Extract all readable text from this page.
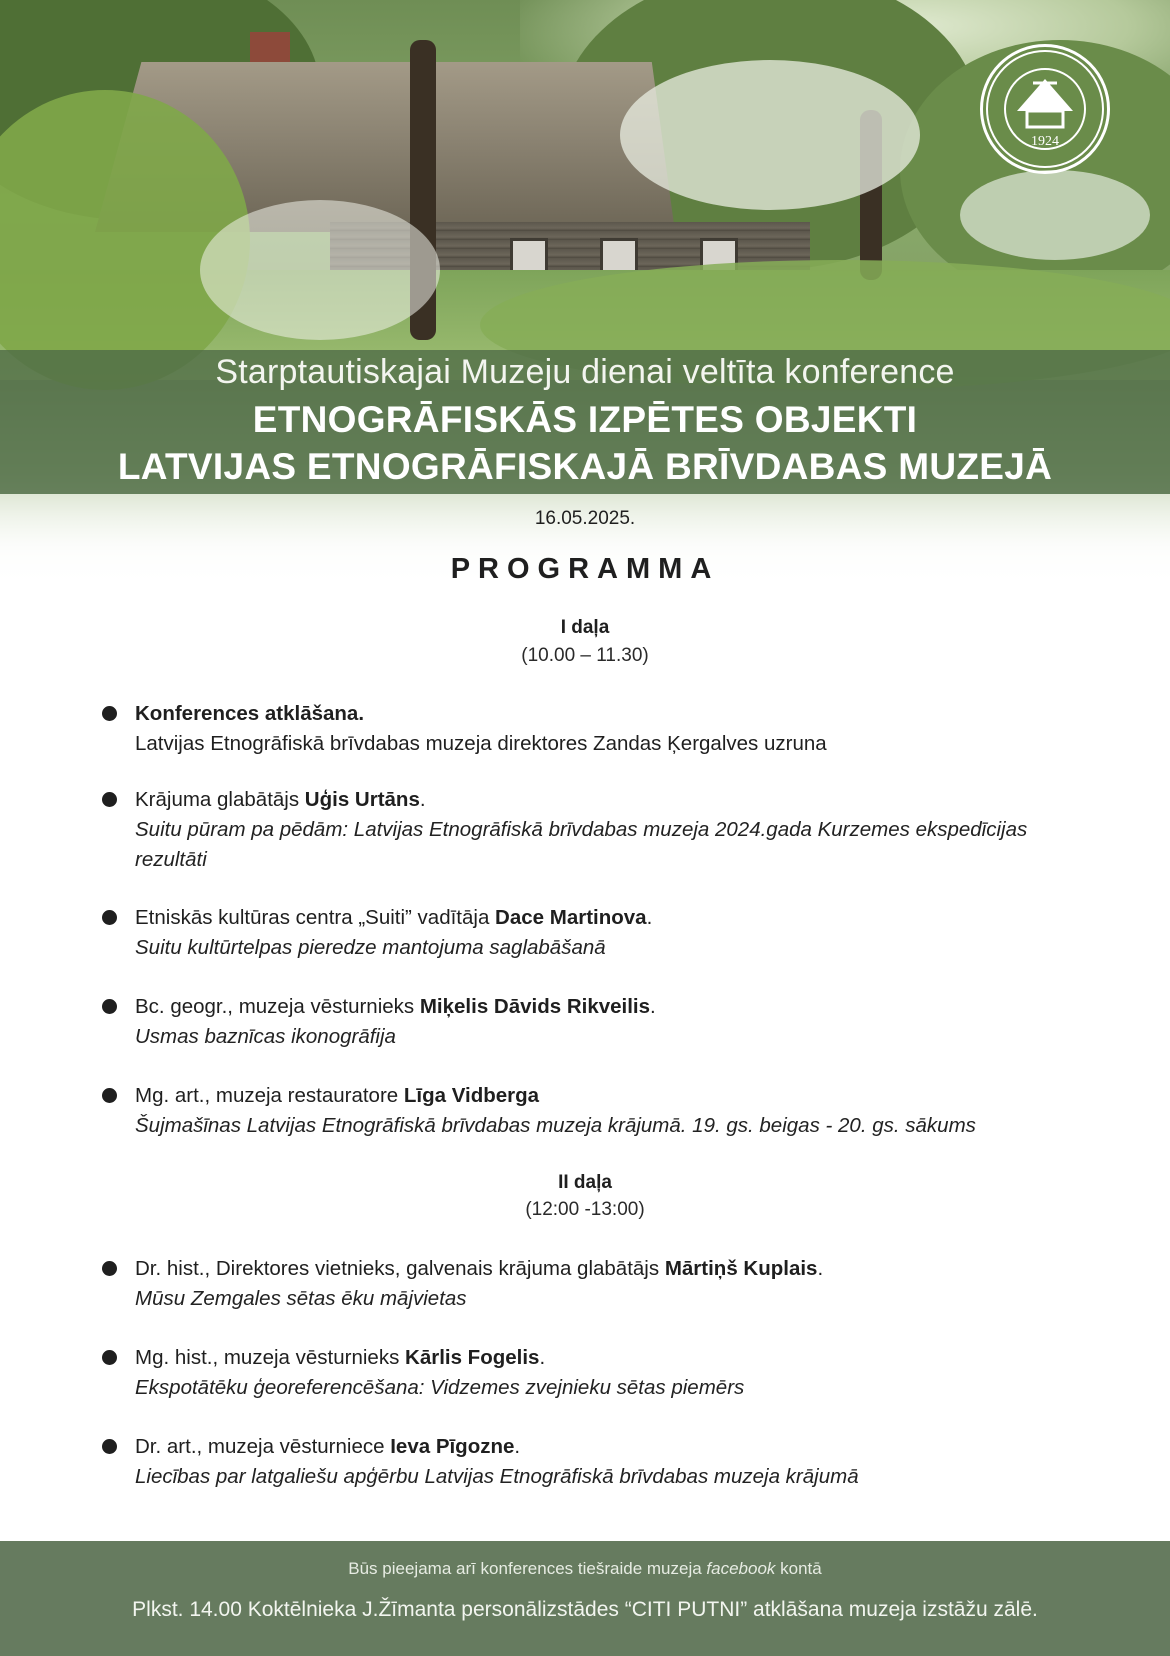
1924
Starptautiskajai Muzeju dienai veltīta konference
ETNOGRĀFISKĀS IZPĒTES OBJEKTI
LATVIJAS ETNOGRĀFISKAJĀ BRĪVDABAS MUZEJĀ
16.05.2025.
PROGRAMMA
I daļa
(10.00 – 11.30)
Konferences atklāšana.
Latvijas Etnogrāfiskā brīvdabas muzeja direktores Zandas Ķergalves uzruna
Krājuma glabātājs Uģis Urtāns.
Suitu pūram pa pēdām: Latvijas Etnogrāfiskā brīvdabas muzeja 2024.gada Kurzemes ekspedīcijas rezultāti
Etniskās kultūras centra „Suiti” vadītāja Dace Martinova.
Suitu kultūrtelpas pieredze mantojuma saglabāšanā
Bc. geogr., muzeja vēsturnieks Miķelis Dāvids Rikveilis.
Usmas baznīcas ikonogrāfija
Mg. art., muzeja restauratore Līga Vidberga
Šujmašīnas Latvijas Etnogrāfiskā brīvdabas muzeja krājumā. 19. gs. beigas - 20. gs. sākums
II daļa
(12:00 -13:00)
Dr. hist., Direktores vietnieks, galvenais krājuma glabātājs Mārtiņš Kuplais.
Mūsu Zemgales sētas ēku mājvietas
Mg. hist., muzeja vēsturnieks Kārlis Fogelis.
Ekspotātēku ģeoreferencēšana: Vidzemes zvejnieku sētas piemērs
Dr. art., muzeja vēsturniece Ieva Pīgozne.
Liecības par latgaliešu apģērbu Latvijas Etnogrāfiskā brīvdabas muzeja krājumā
Būs pieejama arī konferences tiešraide muzeja facebook kontā
Plkst. 14.00 Koktēlnieka J.Žīmanta personālizstādes “CITI PUTNI” atklāšana muzeja izstāžu zālē.
